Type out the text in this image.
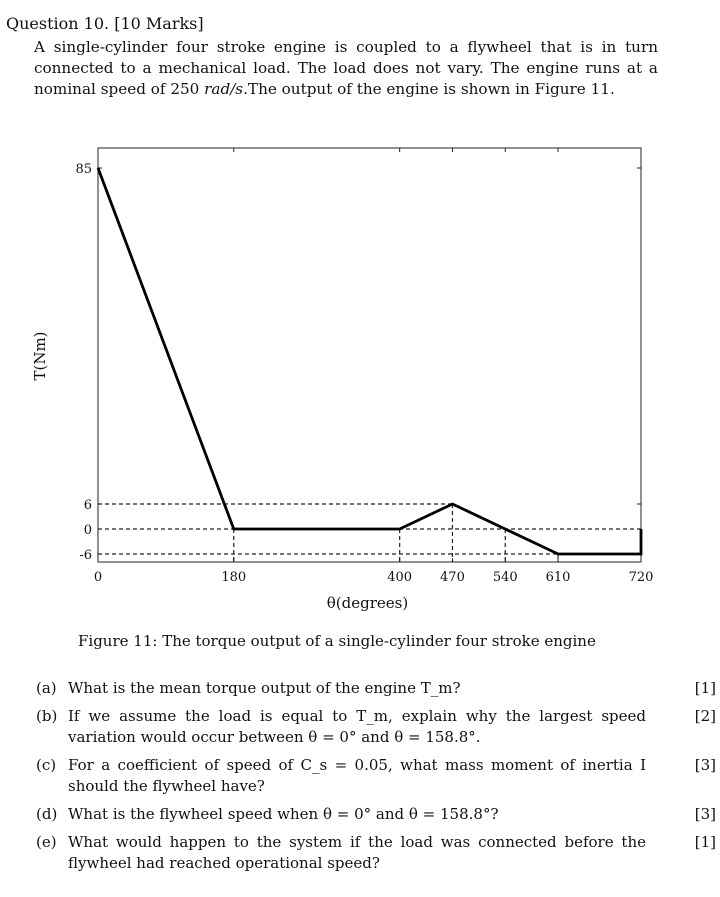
Question 10. [10 Marks]
A single-cylinder four stroke engine is coupled to a flywheel that is in turn connected to a mechanical load. The load does not vary. The engine runs at a nominal speed of 250 rad/s.The output of the engine is shown in Figure 11.
0	180	400 470 540 610	720
85
6
0
-6
θ(degrees)
T(Nm)
Figure 11: The torque output of a single-cylinder four stroke engine
(a) What is the mean torque output of the engine T_m?	[1]
(b) If we assume the load is equal to T_m, explain why the largest speed variation would occur between θ = 0° and θ = 158.8°.
[2]
(c) For a coefficient of speed of C_s = 0.05, what mass moment of inertia I should the flywheel have?
[3]
(d) What is the flywheel speed when θ = 0° and θ = 158.8°?	[3]
(e) What would happen to the system if the load was connected before the flywheel had reached operational speed?
[1]
